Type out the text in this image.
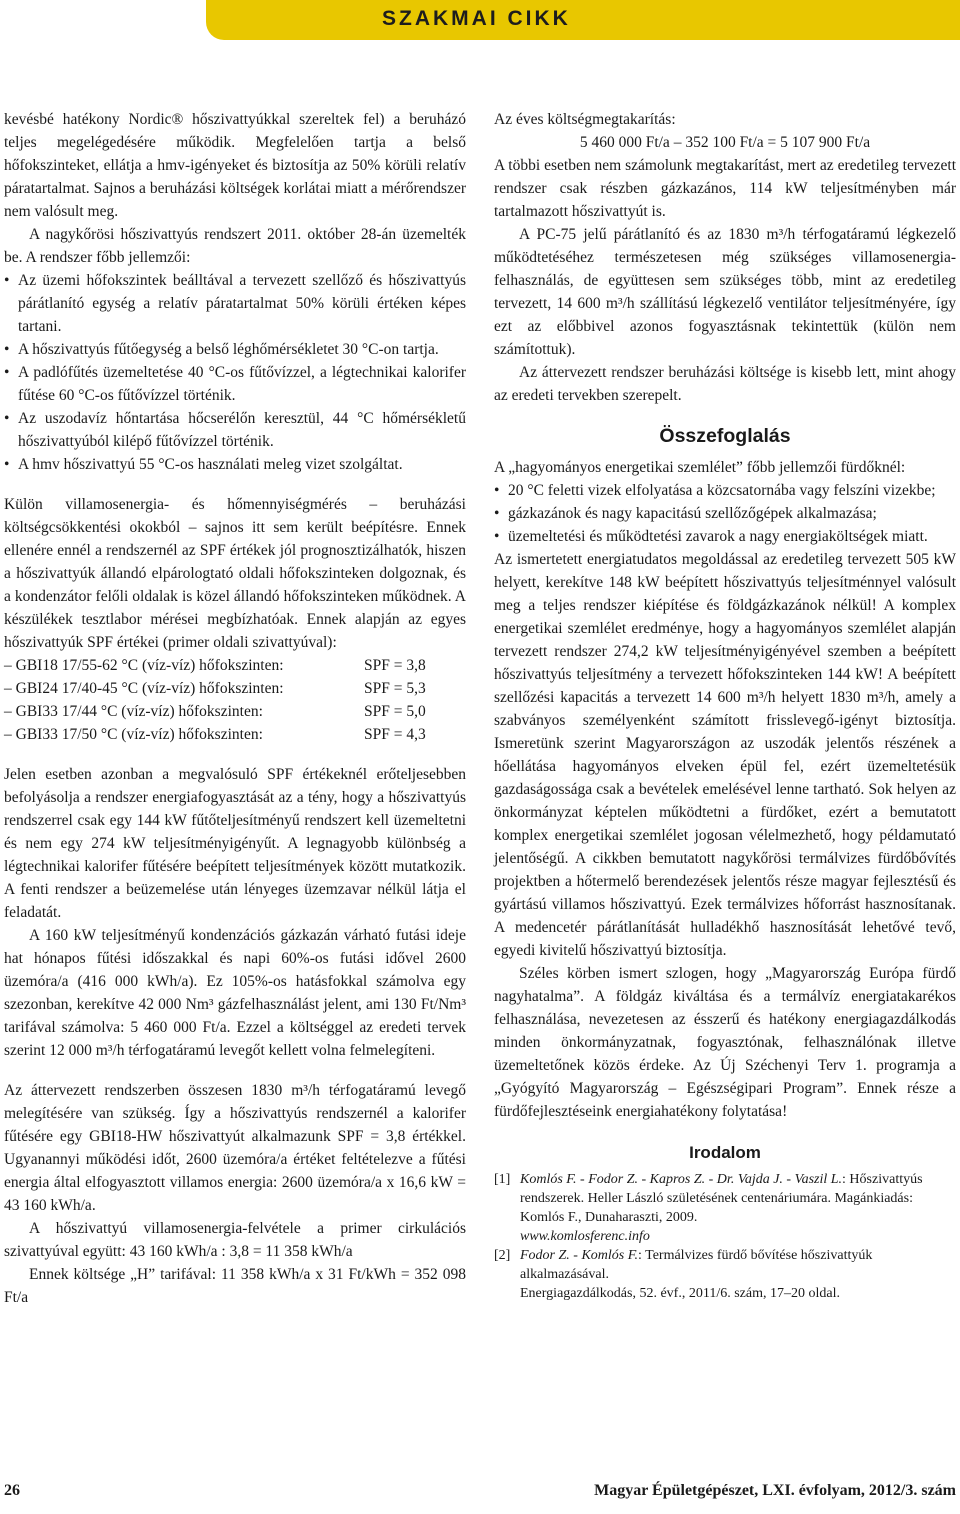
SZAKMAI CIKK

kevésbé hatékony Nordic® hőszivattyúkkal szereltek fel) a beruházó teljes megelégedésére működik. Megfelelően tartja a belső hőfokszinteket, ellátja a hmv-igényeket és biztosítja az 50% körüli relatív páratartalmat. Sajnos a beruházási költségek korlátai miatt a mérőrendszer nem valósult meg.

A nagykőrösi hőszivattyús rendszert 2011. október 28-án üzemelték be. A rendszer főbb jellemzői:

• Az üzemi hőfokszintek beálltával a tervezett szellőző és hőszivattyús párátlanító egység a relatív páratartalmat 50% körüli értéken képes tartani.
• A hőszivattyús fűtőegység a belső léghőmérsékletet 30 °C-on tartja.
• A padlófűtés üzemeltetése 40 °C-os fűtővízzel, a légtechnikai kalorifer fűtése 60 °C-os fűtővízzel történik.
• Az uszodavíz hőntartása hőcserélőn keresztül, 44 °C hőmérsékletű hőszivattyúból kilépő fűtővízzel történik.
• A hmv hőszivattyú 55 °C-os használati meleg vizet szolgáltat.

Külön villamosenergia- és hőmennyiségmérés – beruházási költségcsökkentési okokból – sajnos itt sem került beépítésre. Ennek ellenére ennél a rendszernél az SPF értékek jól prognosztizálhatók, hiszen a hőszivattyúk állandó elpárologtató oldali hőfokszinteken dolgoznak, és a kondenzátor felőli oldalak is közel állandó hőfokszinteken működnek. A készülékek tesztlabor mérései megbízhatóak. Ennek alapján az egyes hőszivattyúk SPF értékei (primer oldali szivattyúval):

– GBI18 17/55-62 °C (víz-víz) hőfokszinten:	SPF = 3,8
– GBI24 17/40-45 °C (víz-víz) hőfokszinten:	SPF = 5,3
– GBI33 17/44 °C (víz-víz) hőfokszinten:	SPF = 5,0
– GBI33 17/50 °C (víz-víz) hőfokszinten:	SPF = 4,3

Jelen esetben azonban a megvalósuló SPF értékeknél erőteljesebben befolyásolja a rendszer energiafogyasztását az a tény, hogy a hőszivattyús rendszerrel csak egy 144 kW fűtőteljesítményű rendszert kell üzemeltetni és nem egy 274 kW teljesítményigényűt. A legnagyobb különbség a légtechnikai kalorifer fűtésére beépített teljesítmények között mutatkozik. A fenti rendszer a beüzemelése után lényeges üzemzavar nélkül látja el feladatát.

A 160 kW teljesítményű kondenzációs gázkazán várható futási ideje hat hónapos fűtési időszakkal és napi 60%-os futási idővel 2600 üzemóra/a (416 000 kWh/a). Ez 105%-os hatásfokkal számolva egy szezonban, kerekítve 42 000 Nm³ gázfelhasználást jelent, ami 130 Ft/Nm³ tarifával számolva: 5 460 000 Ft/a. Ezzel a költséggel az eredeti tervek szerint 12 000 m³/h térfogatáramú levegőt kellett volna felmelegíteni.

Az áttervezett rendszerben összesen 1830 m³/h térfogatáramú levegő melegítésére van szükség. Így a hőszivattyús rendszernél a kalorifer fűtésére egy GBI18-HW hőszivattyút alkalmazunk SPF = 3,8 értékkel. Ugyanannyi működési időt, 2600 üzemóra/a értéket feltételezve a fűtési energia által elfogyasztott villamos energia: 2600 üzemóra/a x 16,6 kW = 43 160 kWh/a.

A hőszivattyú villamosenergia-felvétele a primer cirkulációs szivattyúval együtt: 43 160 kWh/a : 3,8 = 11 358 kWh/a

Ennek költsége „H” tarifával: 11 358 kWh/a x 31 Ft/kWh = 352 098 Ft/a

Az éves költségmegtakarítás:

5 460 000 Ft/a – 352 100 Ft/a = 5 107 900 Ft/a

A többi esetben nem számolunk megtakarítást, mert az eredetileg tervezett rendszer csak részben gázkazános, 114 kW teljesítményben már tartalmazott hőszivattyút is.

A PC-75 jelű párátlanító és az 1830 m³/h térfogatáramú légkezelő működtetéséhez természetesen még szükséges villamosenergia-felhasználás, de együttesen sem szükséges több, mint az eredetileg tervezett, 14 600 m³/h szállítású légkezelő ventilátor teljesítményére, így ezt az előbbivel azonos fogyasztásnak tekintettük (külön nem számítottuk).

Az áttervezett rendszer beruházási költsége is kisebb lett, mint ahogy az eredeti tervekben szerepelt.

Összefoglalás

A „hagyományos energetikai szemlélet” főbb jellemzői fürdőknél:

• 20 °C feletti vizek elfolyatása a közcsatornába vagy felszíni vizekbe;
• gázkazánok és nagy kapacitású szellőzőgépek alkalmazása;
• üzemeltetési és működtetési zavarok a nagy energiaköltségek miatt.

Az ismertetett energiatudatos megoldással az eredetileg tervezett 505 kW helyett, kerekítve 148 kW beépített hőszivattyús teljesítménnyel valósult meg a teljes rendszer kiépítése és földgázkazánok nélkül! A komplex energetikai szemlélet eredménye, hogy a hagyományos szemlélet alapján tervezett rendszer 274,2 kW teljesítményigényével szemben a beépített hőszivattyús teljesítmény a tervezett hőfokszinteken 144 kW! A beépített szellőzési kapacitás a tervezett 14 600 m³/h helyett 1830 m³/h, amely a szabványos személyenként számított frisslevegő-igényt biztosítja. Ismeretünk szerint Magyarországon az uszodák jelentős részének a hőellátása hagyományos elveken épül fel, ezért üzemeltetésük gazdaságossága csak a bevételek emelésével lenne tartható. Sok helyen az önkormányzat képtelen működtetni a fürdőket, ezért a bemutatott komplex energetikai szemlélet jogosan vélelmezhető, hogy példamutató jelentőségű. A cikkben bemutatott nagykőrösi termálvizes fürdőbővítés projektben a hőtermelő berendezések jelentős része magyar fejlesztésű és gyártású villamos hőszivattyú. Ezek termálvizes hőforrást hasznosítanak. A medencetér párátlanítását hulladékhő hasznosítását lehetővé tevő, egyedi kivitelű hőszivattyú biztosítja.

Széles körben ismert szlogen, hogy „Magyarország Európa fürdő nagyhatalma”. A földgáz kiváltása és a termálvíz energiatakarékos felhasználása, nevezetesen az ésszerű és hatékony energiagazdálkodás minden önkormányzatnak, fogyasztónak, felhasználónak illetve üzemeltetőnek közös érdeke. Az Új Széchenyi Terv 1. programja a „Gyógyító Magyarország – Egészségipari Program”. Ennek része a fürdőfejlesztéseink energiahatékony folytatása!

Irodalom
[1] Komlós F. - Fodor Z. - Kapros Z. - Dr. Vajda J. - Vaszil L.: Hőszivattyús rendszerek. Heller László születésének centenáriumára. Magánkiadás: Komlós F., Dunaharaszti, 2009.
www.komlosferenc.info
[2] Fodor Z. - Komlós F.: Termálvizes fürdő bővítése hőszivattyúk alkalmazásával.
Energiagazdálkodás, 52. évf., 2011/6. szám, 17–20 oldal.
26	Magyar Épületgépészet, LXI. évfolyam, 2012/3. szám
